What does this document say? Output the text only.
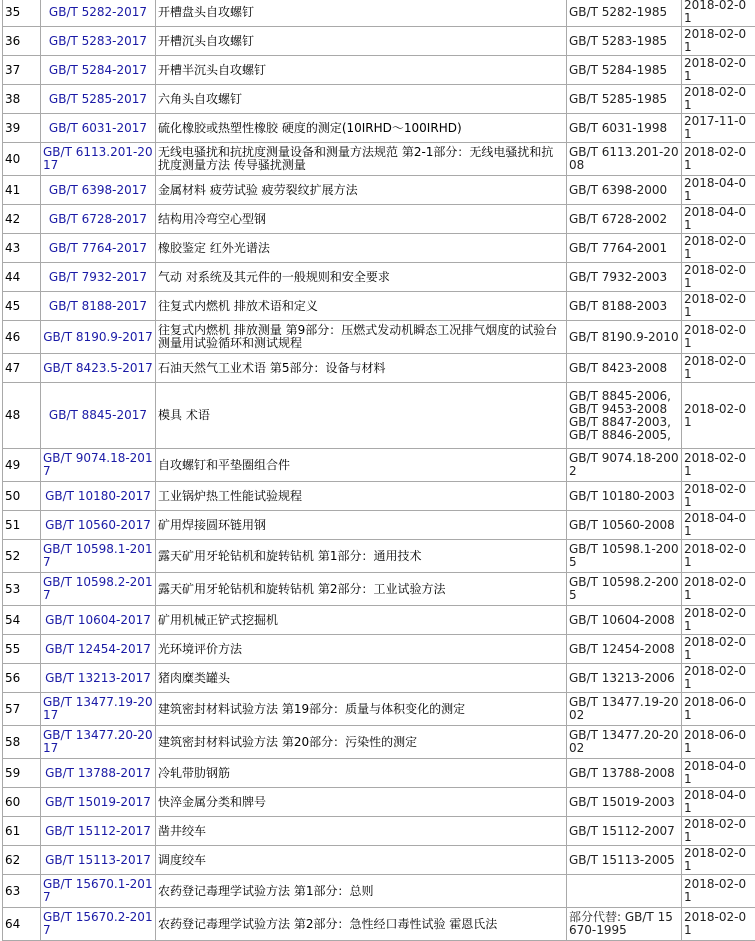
35	GB/T 5282-2017	开槽盘头自攻螺钉	GB/T 5282-1985	2018-02-01
36	GB/T 5283-2017	开槽沉头自攻螺钉	GB/T 5283-1985	2018-02-01
37	GB/T 5284-2017	开槽半沉头自攻螺钉	GB/T 5284-1985	2018-02-01
38	GB/T 5285-2017	六角头自攻螺钉	GB/T 5285-1985	2018-02-01
39	GB/T 6031-2017	硫化橡胶或热塑性橡胶 硬度的测定(10IRHD～100IRHD)	GB/T 6031-1998	2017-11-01
40	GB/T 6113.201-2017	无线电骚扰和抗扰度测量设备和测量方法规范 第2-1部分：无线电骚扰和抗扰度测量方法 传导骚扰测量	GB/T 6113.201-2008	2018-02-01
41	GB/T 6398-2017	金属材料 疲劳试验 疲劳裂纹扩展方法	GB/T 6398-2000	2018-04-01
42	GB/T 6728-2017	结构用冷弯空心型钢	GB/T 6728-2002	2018-04-01
43	GB/T 7764-2017	橡胶鉴定 红外光谱法	GB/T 7764-2001	2018-02-01
44	GB/T 7932-2017	气动 对系统及其元件的一般规则和安全要求	GB/T 7932-2003	2018-02-01
45	GB/T 8188-2017	往复式内燃机 排放术语和定义	GB/T 8188-2003	2018-02-01
46	GB/T 8190.9-2017	往复式内燃机 排放测量 第9部分：压燃式发动机瞬态工况排气烟度的试验台测量用试验循环和测试规程	GB/T 8190.9-2010	2018-02-01
47	GB/T 8423.5-2017	石油天然气工业术语 第5部分：设备与材料	GB/T 8423-2008	2018-02-01
48	GB/T 8845-2017	模具 术语	GB/T 8845-2006, GB/T 9453-2008 GB/T 8847-2003, GB/T 8846-2005,	2018-02-01
49	GB/T 9074.18-2017	自攻螺钉和平垫圈组合件	GB/T 9074.18-2002	2018-02-01
50	GB/T 10180-2017	工业锅炉热工性能试验规程	GB/T 10180-2003	2018-02-01
51	GB/T 10560-2017	矿用焊接圆环链用钢	GB/T 10560-2008	2018-04-01
52	GB/T 10598.1-2017	露天矿用牙轮钻机和旋转钻机 第1部分：通用技术	GB/T 10598.1-2005	2018-02-01
53	GB/T 10598.2-2017	露天矿用牙轮钻机和旋转钻机 第2部分：工业试验方法	GB/T 10598.2-2005	2018-02-01
54	GB/T 10604-2017	矿用机械正铲式挖掘机	GB/T 10604-2008	2018-02-01
55	GB/T 12454-2017	光环境评价方法	GB/T 12454-2008	2018-02-01
56	GB/T 13213-2017	猪肉糜类罐头	GB/T 13213-2006	2018-02-01
57	GB/T 13477.19-2017	建筑密封材料试验方法 第19部分：质量与体积变化的测定	GB/T 13477.19-2002	2018-06-01
58	GB/T 13477.20-2017	建筑密封材料试验方法 第20部分：污染性的测定	GB/T 13477.20-2002	2018-06-01
59	GB/T 13788-2017	冷轧带肋钢筋	GB/T 13788-2008	2018-04-01
60	GB/T 15019-2017	快淬金属分类和牌号	GB/T 15019-2003	2018-04-01
61	GB/T 15112-2017	凿井绞车	GB/T 15112-2007	2018-02-01
62	GB/T 15113-2017	调度绞车	GB/T 15113-2005	2018-02-01
63	GB/T 15670.1-2017	农药登记毒理学试验方法 第1部分：总则		2018-02-01
64	GB/T 15670.2-2017	农药登记毒理学试验方法 第2部分：急性经口毒性试验 霍恩氏法	部分代替: GB/T 15670-1995	2018-02-01
